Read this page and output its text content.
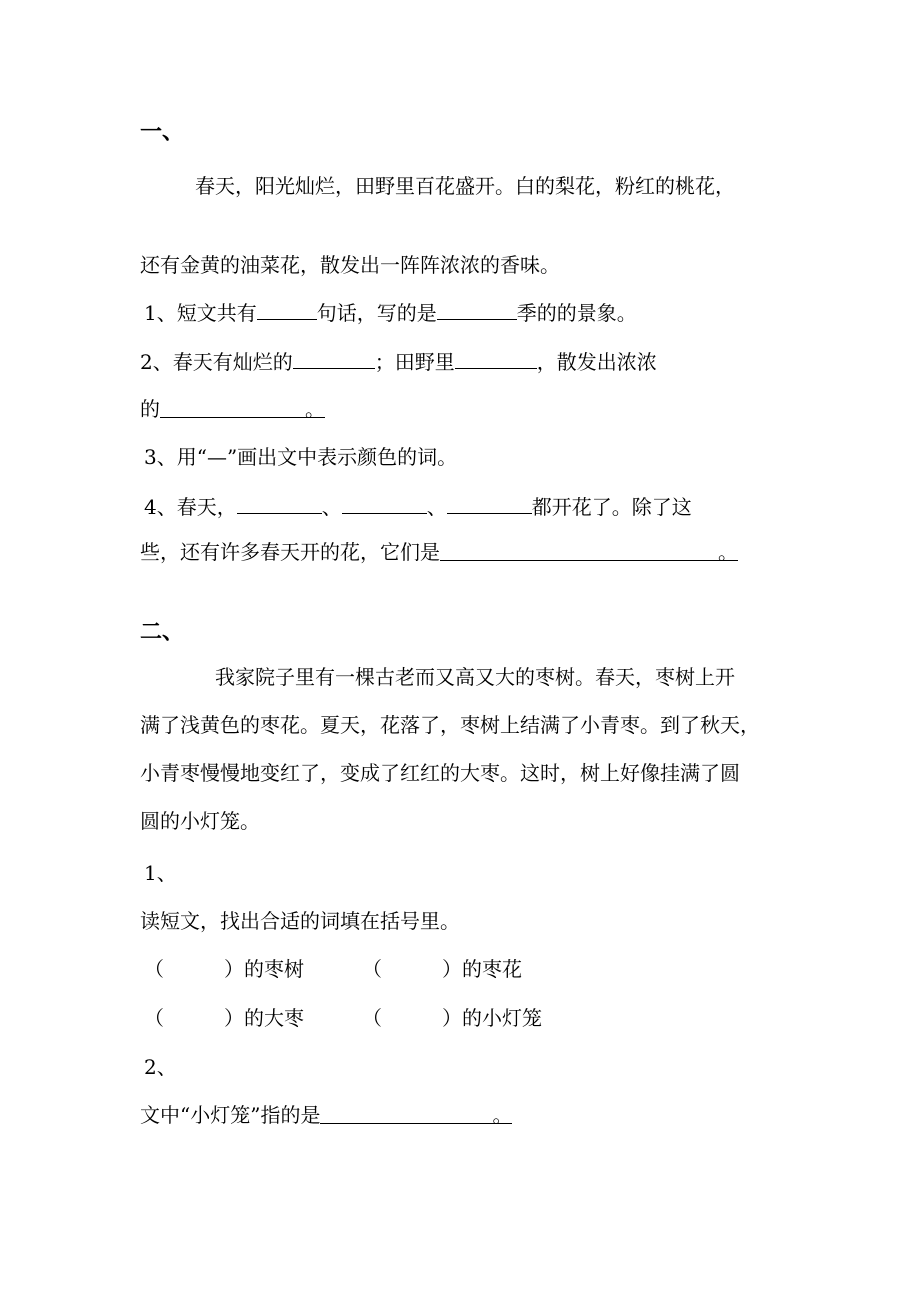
一、
春天，阳光灿烂，田野里百花盛开。白的梨花，粉红的桃花，
还有金黄的油菜花，散发出一阵阵浓浓的香味。
1、短文共有	句话，写的是	季的的景象。
2、春天有灿烂的	；田野里	，散发出浓浓
的	。
3、用“—”画出文中表示颜色的词。
4、春天，	、	、	都开花了。除了这
些，还有许多春天开的花，它们是	。
二、
我家院子里有一棵古老而又高又大的枣树。春天，枣树上开
满了浅黄色的枣花。夏天，花落了，枣树上结满了小青枣。到了秋天，
小青枣慢慢地变红了，变成了红红的大枣。这时，树上好像挂满了圆
圆的小灯笼。
1、
读短文，找出合适的词填在括号里。
（　　　）的枣树	（　　　）的枣花
（　　　）的大枣	（　　　）的小灯笼
2、
文中“小灯笼”指的是	。
